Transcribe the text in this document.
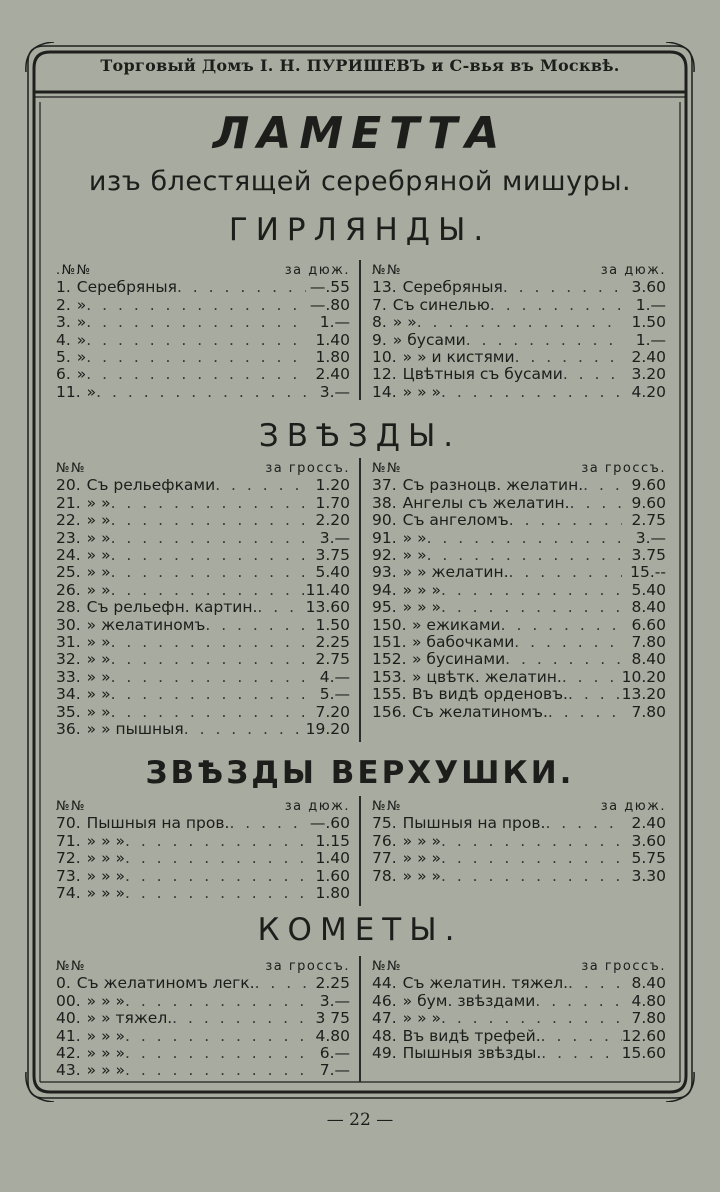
Торговый Домъ I. Н. ПУРИШЕВЪ и С-вья въ Москвѣ.
ЛАМЕТТА
изъ блестящей серебряной мишуры.
ГИРЛЯНДЫ.
.№№	за дюж.
1. Серебряныя . . .	—.55
2. » . . .	—.80
3. » . . .	1.—
4. » . . .	1.40
5. » . . .	1.80
6. » . . .	2.40
11. » . . .	3.—
№№	за дюж.
13. Серебряныя . . .	3.60
7. Съ синелью . . .	1.—
8. » » . . .	1.50
9. » бусами . . .	1.—
10. » » и кистями . . .	2.40
12. Цвѣтныя съ бусами . . .	3.20
14. » » » . . .	4.20
ЗВѢЗДЫ.
№№	за гроссъ.
20. Съ рельефками . . .	1.20
21. » » . . .	1.70
22. » » . . .	2.20
23. » » . . .	3.—
24. » » . . .	3.75
25. » » . . .	5.40
26. » » . . .	11.40
28. Съ рельефн. картин. . . .	13.60
30. » желатиномъ . . .	1.50
31. » » . . .	2.25
32. » » . . .	2.75
33. » » . . .	4.—
34. » » . . .	5.—
35. » » . . .	7.20
36. » » пышныя . . .	19.20
№№	за гроссъ.
37. Съ разноцв. желатин. . . .	9.60
38. Ангелы съ желатин. . . .	9.60
90. Съ ангеломъ . . .	2.75
91. » » . . .	3.—
92. » » . . .	3.75
93. » » желатин. . . .	15.--
94. » » » . . .	5.40
95. » » » . . .	8.40
150. » ежиками . . .	6.60
151. » бабочками . . .	7.80
152. » бусинами . . .	8.40
153. » цвѣтк. желатин. . . .	10.20
155. Въ видѣ орденовъ. . . .	13.20
156. Съ желатиномъ. . . .	7.80
ЗВѢЗДЫ ВЕРХУШКИ.
№№	за дюж.
70. Пышныя на пров. . . .	—.60
71. » » » . . .	1.15
72. » » » . . .	1.40
73. » » » . . .	1.60
74. » » » . . .	1.80
№№	за дюж.
75. Пышныя на пров. . . .	2.40
76. » » » . . .	3.60
77. » » » . . .	5.75
78. » » » . . .	3.30
КОМЕТЫ.
№№	за гроссъ.
0. Съ желатиномъ легк. . . .	2.25
00. » » » . . .	3.—
40. » » тяжел. . . .	3 75
41. » » » . . .	4.80
42. » » » . . .	6.—
43. » » » . . .	7.—
№№	за гроссъ.
44. Съ желатин. тяжел. . . .	8.40
46. » бум. звѣздами . . .	4.80
47. » » » . . .	7.80
48. Въ видѣ трефей. . . .	12.60
49. Пышныя звѣзды. . . .	15.60
— 22 —
